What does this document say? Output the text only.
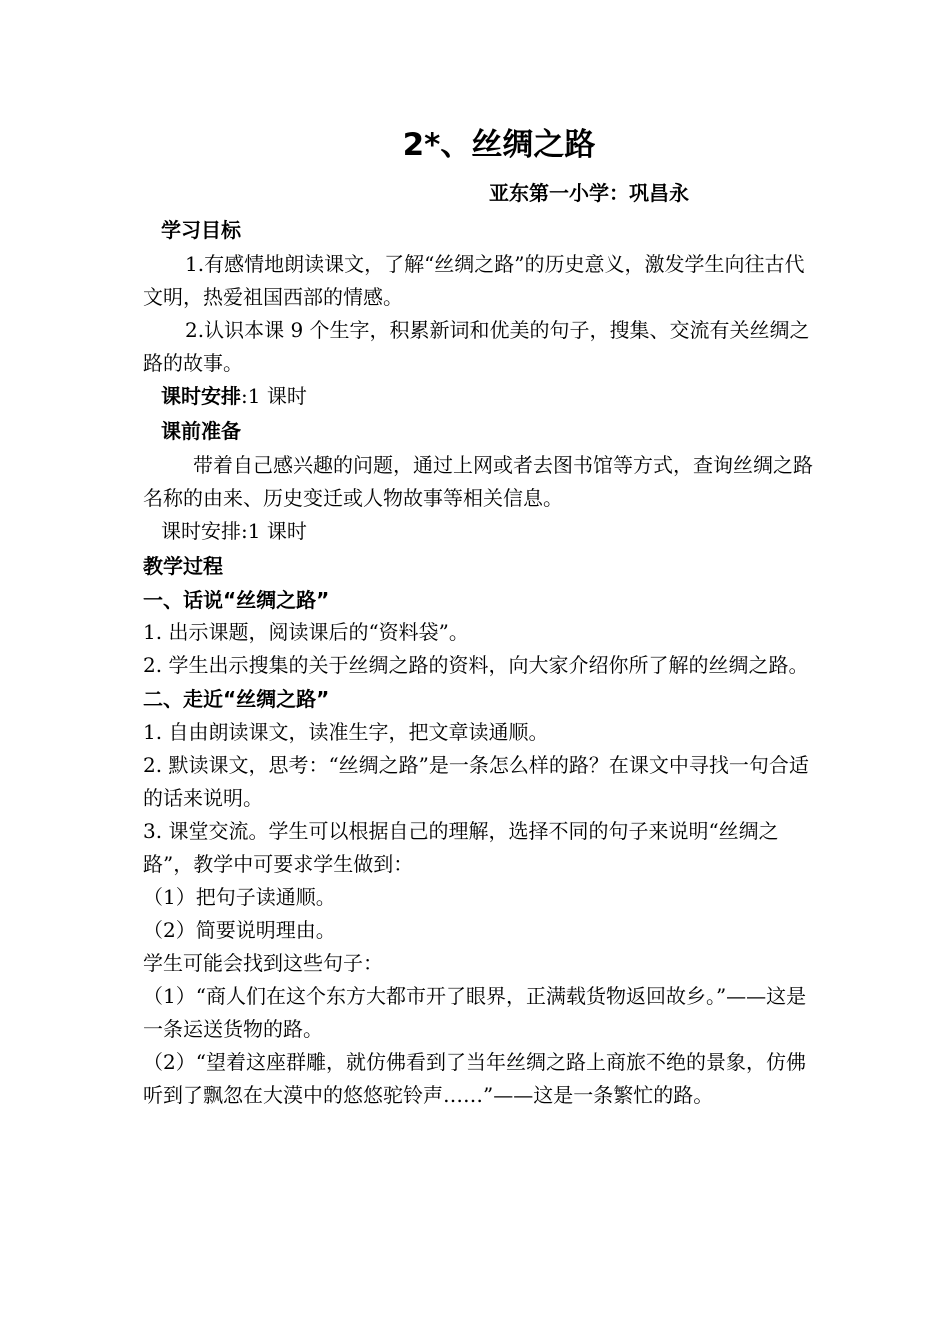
2*、丝绸之路
亚东第一小学：巩昌永
学习目标

1.有感情地朗读课文，了解“丝绸之路”的历史意义，激发学生向往古代文明，热爱祖国西部的情感。

2.认识本课 9 个生字，积累新词和优美的句子，搜集、交流有关丝绸之路的故事。

课时安排:1 课时

课前准备

带着自己感兴趣的问题，通过上网或者去图书馆等方式，查询丝绸之路名称的由来、历史变迁或人物故事等相关信息。

课时安排:1 课时

教学过程
一、话说“丝绸之路”

1. 出示课题，阅读课后的“资料袋”。

2. 学生出示搜集的关于丝绸之路的资料，向大家介绍你所了解的丝绸之路。

二、走近“丝绸之路”

1. 自由朗读课文，读准生字，把文章读通顺。

2. 默读课文，思考：“丝绸之路”是一条怎么样的路？在课文中寻找一句合适的话来说明。

3. 课堂交流。学生可以根据自己的理解，选择不同的句子来说明“丝绸之路”，教学中可要求学生做到：

（1）把句子读通顺。

（2）简要说明理由。

学生可能会找到这些句子：

（1）“商人们在这个东方大都市开了眼界，正满载货物返回故乡。”——这是一条运送货物的路。

（2）“望着这座群雕，就仿佛看到了当年丝绸之路上商旅不绝的景象，仿佛听到了飘忽在大漠中的悠悠驼铃声……”——这是一条繁忙的路。
